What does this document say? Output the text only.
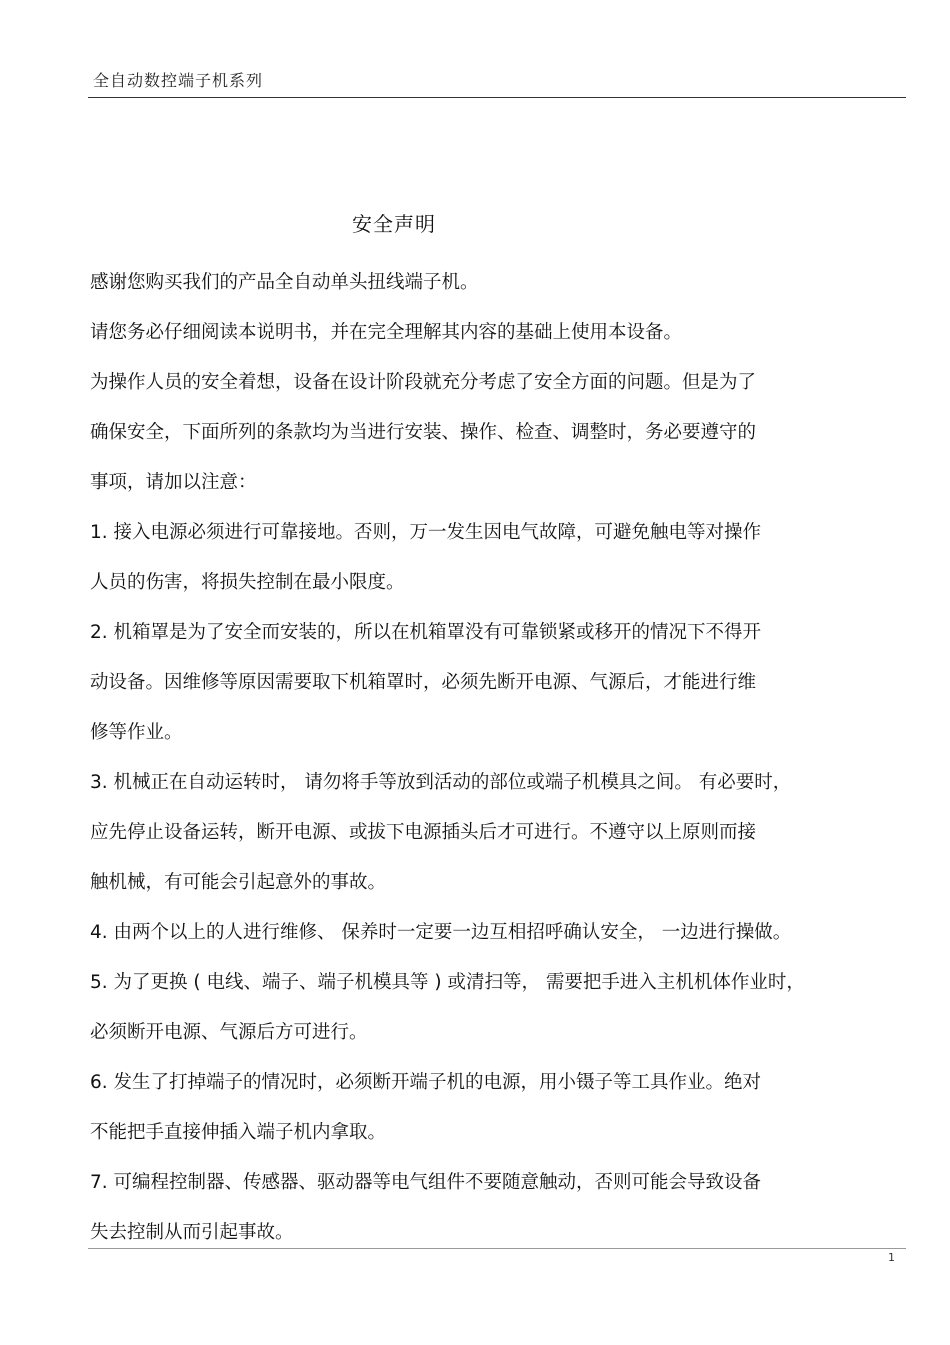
全自动数控端子机系列
安全声明
感谢您购买我们的产品全自动单头扭线端子机。
请您务必仔细阅读本说明书，并在完全理解其内容的基础上使用本设备。
为操作人员的安全着想，设备在设计阶段就充分考虑了安全方面的问题。但是为了
确保安全，下面所列的条款均为当进行安装、操作、检查、调整时，务必要遵守的
事项，请加以注意：
1. 接入电源必须进行可靠接地。否则，万一发生因电气故障，可避免触电等对操作
人员的伤害，将损失控制在最小限度。
2. 机箱罩是为了安全而安装的，所以在机箱罩没有可靠锁紧或移开的情况下不得开
动设备。因维修等原因需要取下机箱罩时，必须先断开电源、气源后，才能进行维
修等作业。
3. 机械正在自动运转时， 请勿将手等放到活动的部位或端子机模具之间。 有必要时，
应先停止设备运转，断开电源、或拔下电源插头后才可进行。不遵守以上原则而接
触机械，有可能会引起意外的事故。
4. 由两个以上的人进行维修、 保养时一定要一边互相招呼确认安全， 一边进行操做。
5. 为了更换 ( 电线、端子、端子机模具等 ) 或清扫等， 需要把手进入主机机体作业时，
必须断开电源、气源后方可进行。
6. 发生了打掉端子的情况时，必须断开端子机的电源，用小镊子等工具作业。绝对
不能把手直接伸插入端子机内拿取。
7. 可编程控制器、传感器、驱动器等电气组件不要随意触动，否则可能会导致设备
失去控制从而引起事故。
1
